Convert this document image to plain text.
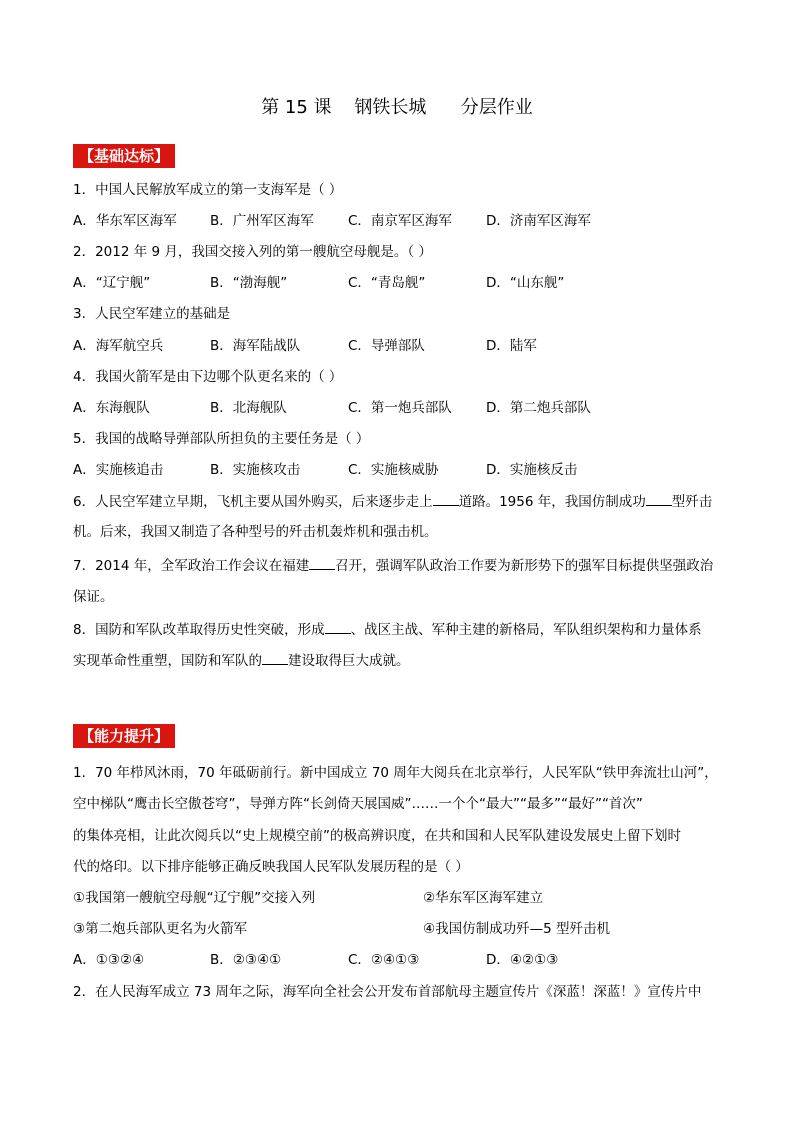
第 15 课    钢铁长城      分层作业
【基础达标】
1．中国人民解放军成立的第一支海军是（ ）
A．华东军区海军 B．广州军区海军	C．南京军区海军	D．济南军区海军
2．2012 年 9 月，我国交接入列的第一艘航空母舰是。（ ）
A．“辽宁舰”	B．“渤海舰”	C．“青岛舰”	D．“山东舰”
3．人民空军建立的基础是
A．海军航空兵	B．海军陆战队	C．导弹部队	D．陆军
4．我国火箭军是由下边哪个队更名来的（ ）
A．东海舰队	B．北海舰队	C．第一炮兵部队	D．第二炮兵部队
5．我国的战略导弹部队所担负的主要任务是（ ）
A．实施核追击	B．实施核攻击	C．实施核威胁	D．实施核反击
6．人民空军建立早期，飞机主要从国外购买，后来逐步走上 道路。1956 年，我国仿制成功 型歼击
机。后来，我国又制造了各种型号的歼击机轰炸机和强击机。
7．2014 年，全军政治工作会议在福建 召开，强调军队政治工作要为新形势下的强军目标提供坚强政治
保证。
8．国防和军队改革取得历史性突破，形成 、战区主战、军种主建的新格局，军队组织架构和力量体系
实现革命性重塑，国防和军队的 建设取得巨大成就。
【能力提升】
1．70 年栉风沐雨，70 年砥砺前行。新中国成立 70 周年大阅兵在北京举行，人民军队“铁甲奔流壮山河”，
空中梯队“鹰击长空傲苍穹”，导弹方阵“长剑倚天展国威”……一个个“最大”“最多”“最好”“首次”
的集体亮相，让此次阅兵以“史上规模空前”的极高辨识度，在共和国和人民军队建设发展史上留下划时
代的烙印。以下排序能够正确反映我国人民军队发展历程的是（ ）
①我国第一艘航空母舰“辽宁舰”交接入列	②华东军区海军建立
③第二炮兵部队更名为火箭军	④我国仿制成功歼—5 型歼击机
A．①③②④	B．②③④①	C．②④①③	D．④②①③
2．在人民海军成立 73 周年之际，海军向全社会公开发布首部航母主题宣传片《深蓝！深蓝！》宣传片中
